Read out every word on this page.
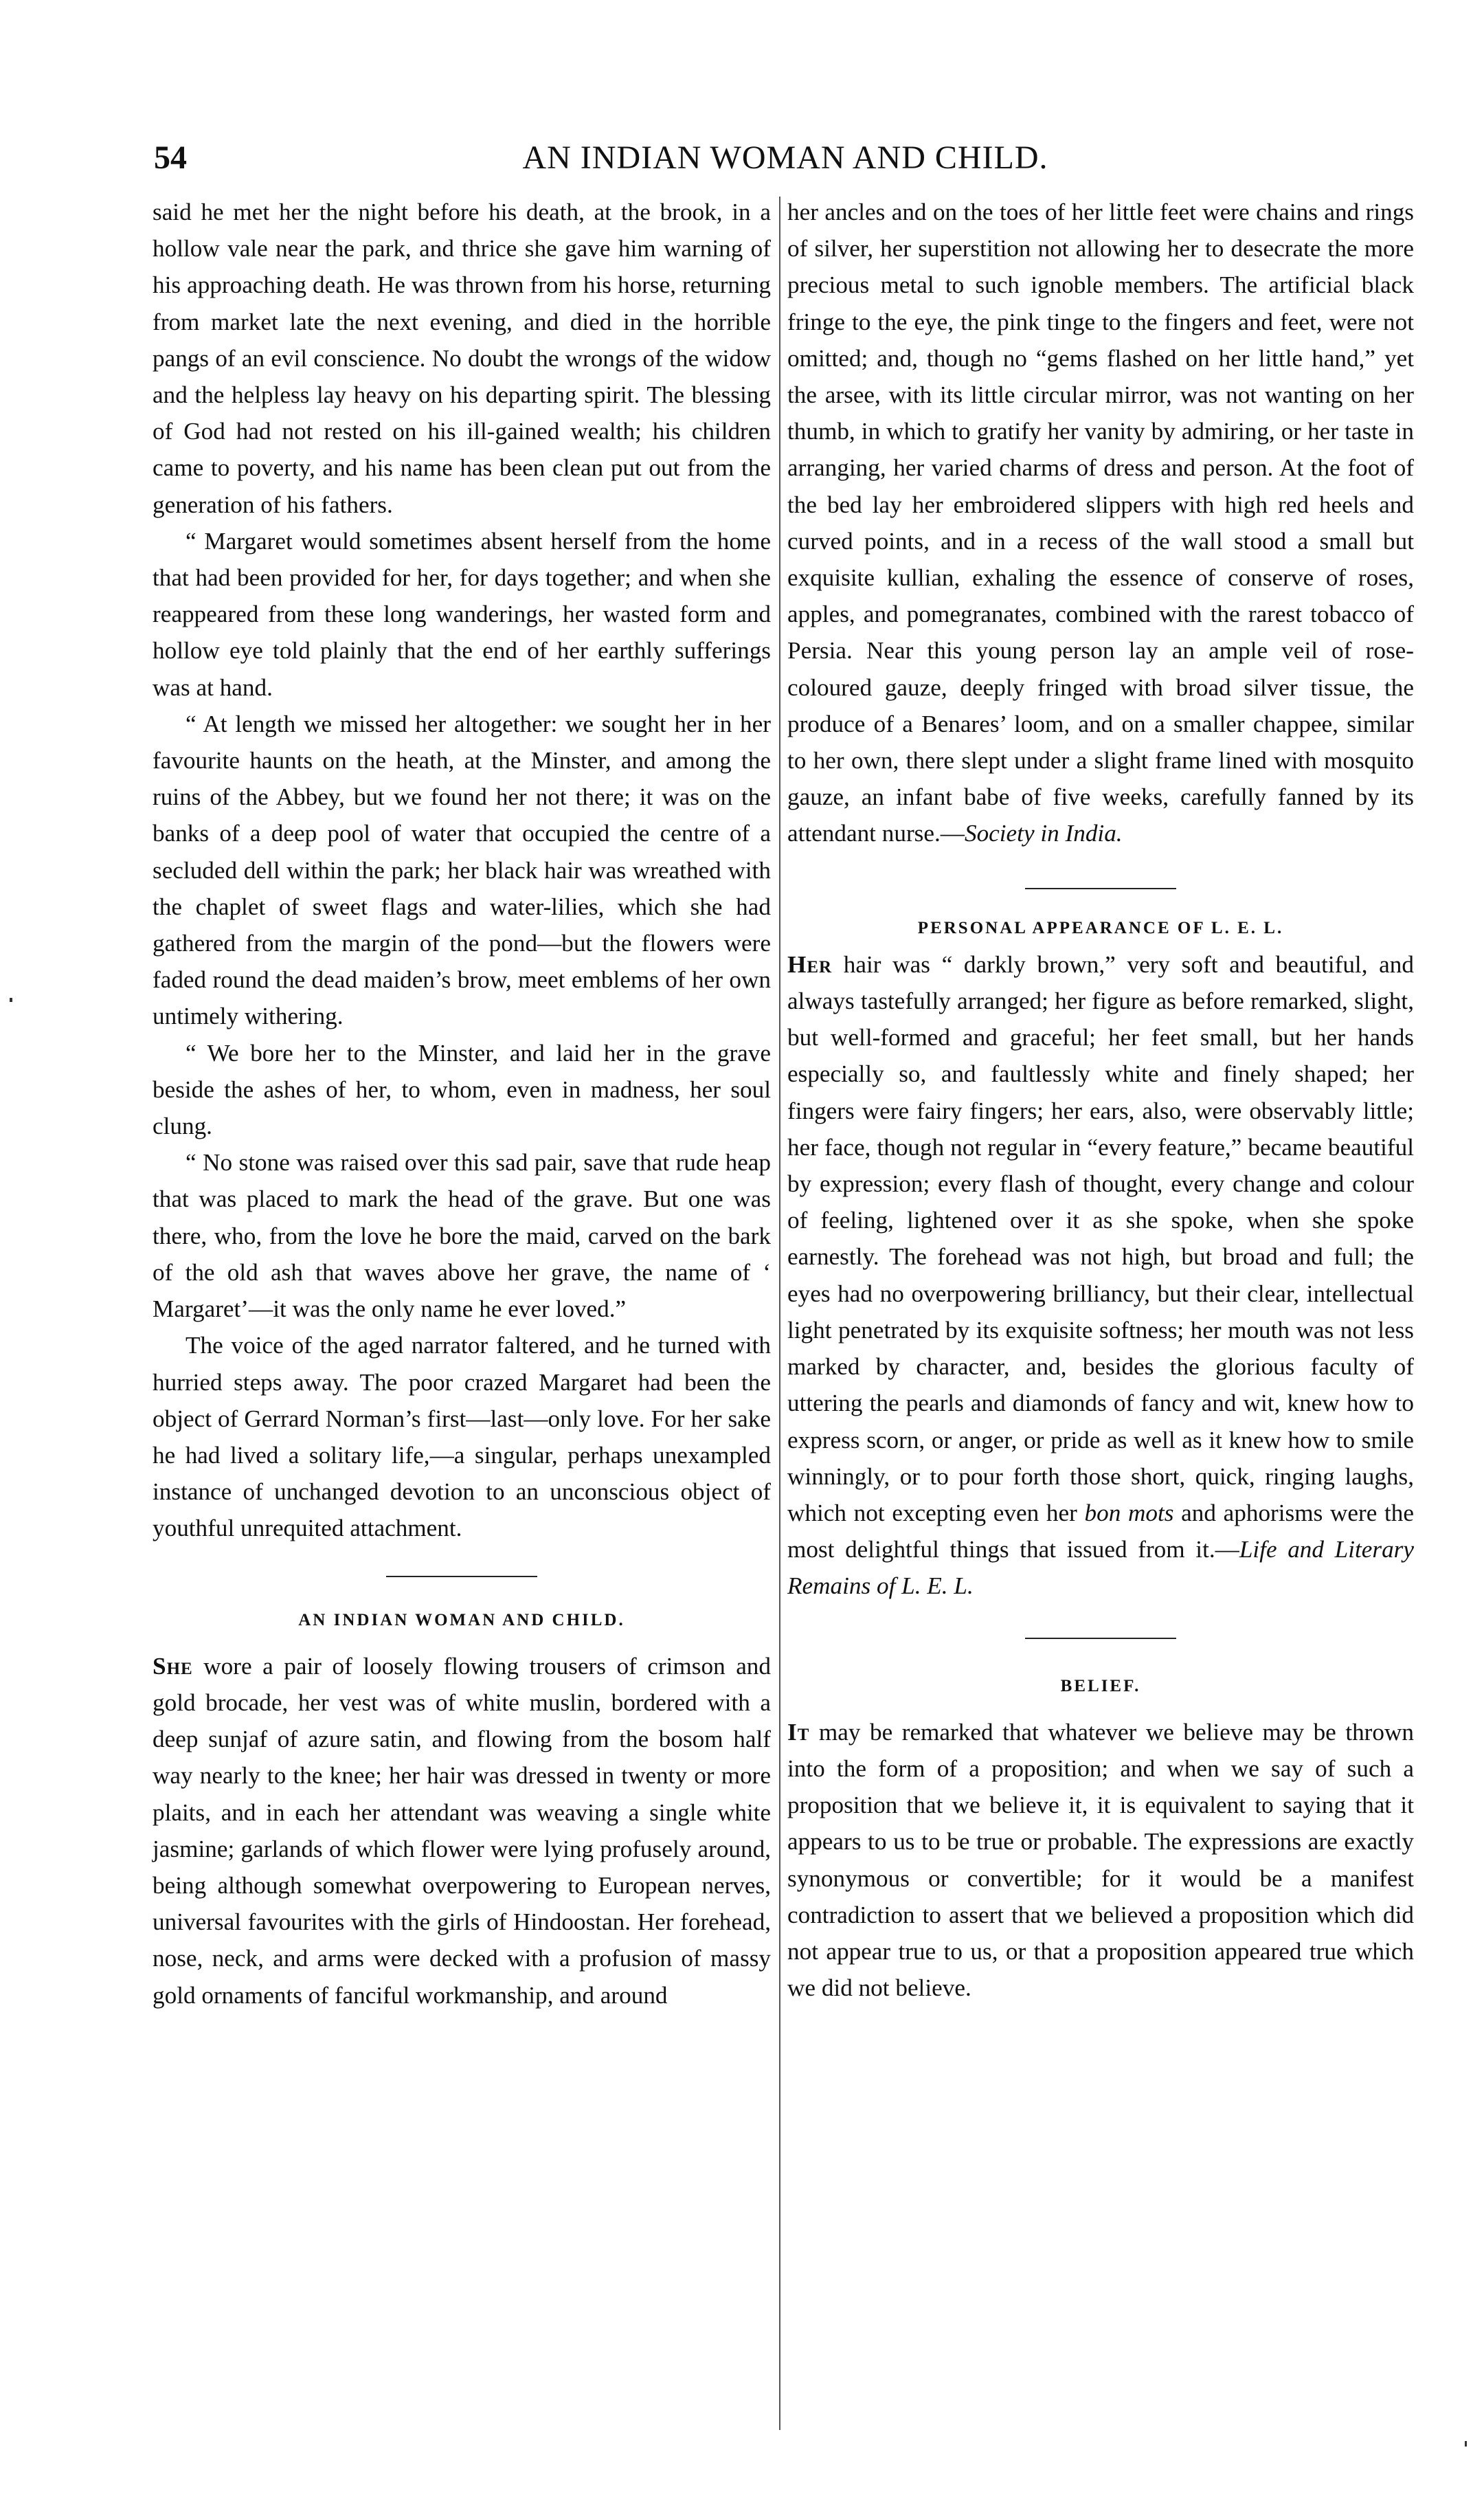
54	AN INDIAN WOMAN AND CHILD.

said he met her the night before his death, at the brook, in a hollow vale near the park, and thrice she gave him warning of his approaching death. He was thrown from his horse, returning from market late the next evening, and died in the horrible pangs of an evil conscience. No doubt the wrongs of the widow and the helpless lay heavy on his departing spirit. The blessing of God had not rested on his ill-gained wealth; his children came to poverty, and his name has been clean put out from the generation of his fathers.

“ Margaret would sometimes absent herself from the home that had been provided for her, for days together; and when she reappeared from these long wanderings, her wasted form and hollow eye told plainly that the end of her earthly sufferings was at hand.

“ At length we missed her altogether: we sought her in her favourite haunts on the heath, at the Minster, and among the ruins of the Abbey, but we found her not there; it was on the banks of a deep pool of water that occupied the centre of a secluded dell within the park; her black hair was wreathed with the chaplet of sweet flags and water-lilies, which she had gathered from the margin of the pond—but the flowers were faded round the dead maiden’s brow, meet emblems of her own untimely withering.

“ We bore her to the Minster, and laid her in the grave beside the ashes of her, to whom, even in madness, her soul clung.

“ No stone was raised over this sad pair, save that rude heap that was placed to mark the head of the grave. But one was there, who, from the love he bore the maid, carved on the bark of the old ash that waves above her grave, the name of ‘ Margaret’—it was the only name he ever loved.”

The voice of the aged narrator faltered, and he turned with hurried steps away. The poor crazed Margaret had been the object of Gerrard Norman’s first—last—only love. For her sake he had lived a solitary life,—a singular, perhaps unexampled instance of unchanged devotion to an unconscious object of youthful unrequited attachment.

AN INDIAN WOMAN AND CHILD.

She wore a pair of loosely flowing trousers of crimson and gold brocade, her vest was of white muslin, bordered with a deep sunjaf of azure satin, and flowing from the bosom half way nearly to the knee; her hair was dressed in twenty or more plaits, and in each her attendant was weaving a single white jasmine; garlands of which flower were lying profusely around, being although somewhat overpowering to European nerves, universal favourites with the girls of Hindoostan. Her forehead, nose, neck, and arms were decked with a profusion of massy gold ornaments of fanciful workmanship, and around

her ancles and on the toes of her little feet were chains and rings of silver, her superstition not allowing her to desecrate the more precious metal to such ignoble members. The artificial black fringe to the eye, the pink tinge to the fingers and feet, were not omitted; and, though no “gems flashed on her little hand,” yet the arsee, with its little circular mirror, was not wanting on her thumb, in which to gratify her vanity by admiring, or her taste in arranging, her varied charms of dress and person. At the foot of the bed lay her embroidered slippers with high red heels and curved points, and in a recess of the wall stood a small but exquisite kullian, exhaling the essence of conserve of roses, apples, and pomegranates, combined with the rarest tobacco of Persia. Near this young person lay an ample veil of rose-coloured gauze, deeply fringed with broad silver tissue, the produce of a Benares’ loom, and on a smaller chappee, similar to her own, there slept under a slight frame lined with mosquito gauze, an infant babe of five weeks, carefully fanned by its attendant nurse.—Society in India.

PERSONAL APPEARANCE OF L. E. L.

Her hair was “ darkly brown,” very soft and beautiful, and always tastefully arranged; her figure as before remarked, slight, but well-formed and graceful; her feet small, but her hands especially so, and faultlessly white and finely shaped; her fingers were fairy fingers; her ears, also, were observably little; her face, though not regular in “every feature,” became beautiful by expression; every flash of thought, every change and colour of feeling, lightened over it as she spoke, when she spoke earnestly. The forehead was not high, but broad and full; the eyes had no overpowering brilliancy, but their clear, intellectual light penetrated by its exquisite softness; her mouth was not less marked by character, and, besides the glorious faculty of uttering the pearls and diamonds of fancy and wit, knew how to express scorn, or anger, or pride as well as it knew how to smile winningly, or to pour forth those short, quick, ringing laughs, which not excepting even her bon mots and aphorisms were the most delightful things that issued from it.—Life and Literary Remains of L. E. L.

BELIEF.

It may be remarked that whatever we believe may be thrown into the form of a proposition; and when we say of such a proposition that we believe it, it is equivalent to saying that it appears to us to be true or probable. The expressions are exactly synonymous or convertible; for it would be a manifest contradiction to assert that we believed a proposition which did not appear true to us, or that a proposition appeared true which we did not believe.
